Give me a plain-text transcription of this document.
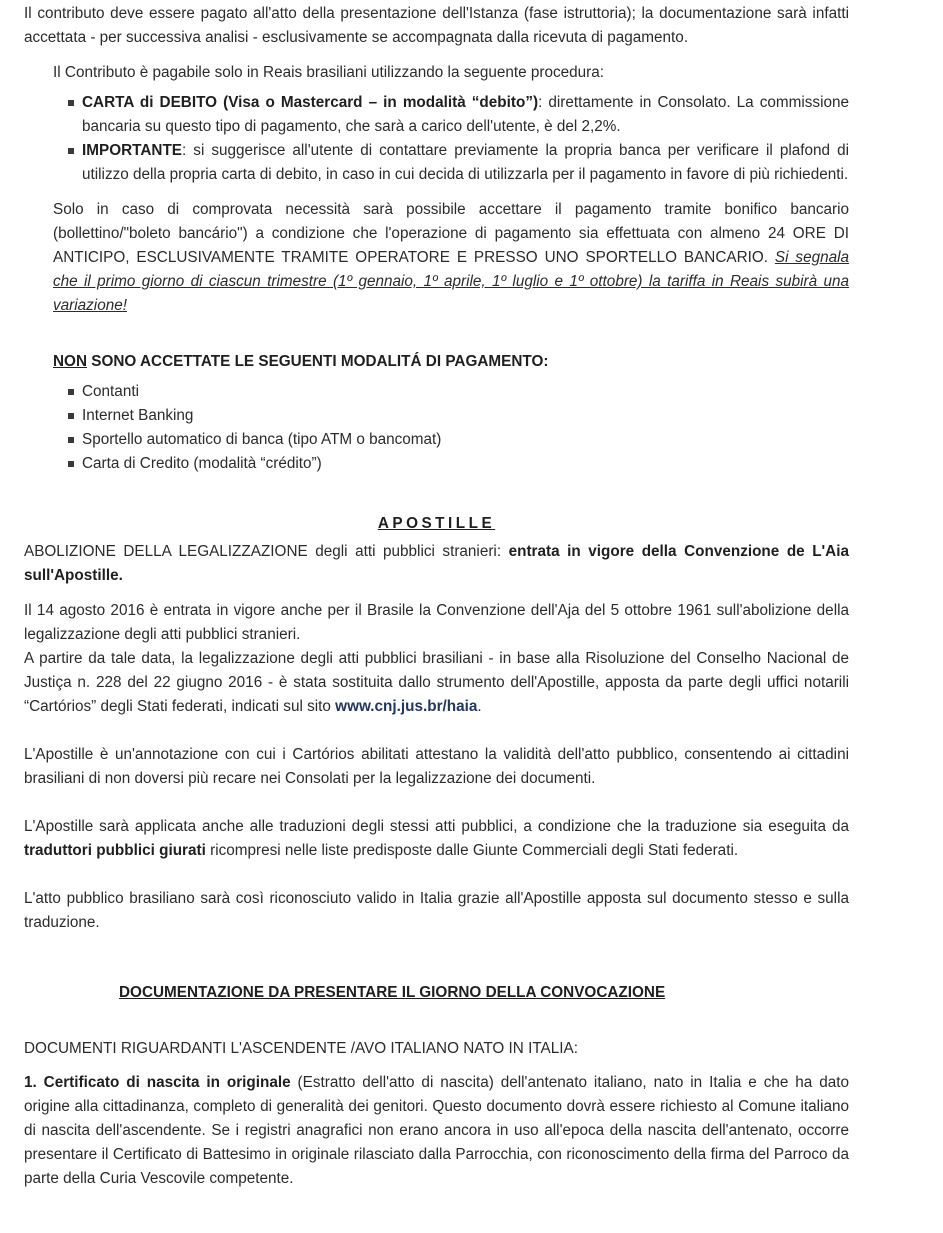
Il contributo deve essere pagato all'atto della presentazione dell'Istanza (fase istruttoria); la documentazione sarà infatti accettata - per successiva analisi - esclusivamente se accompagnata dalla ricevuta di pagamento.

Il Contributo è pagabile solo in Reais brasiliani utilizzando la seguente procedura:

CARTA di DEBITO (Visa o Mastercard – in modalità “debito”): direttamente in Consolato. La commissione bancaria su questo tipo di pagamento, che sarà a carico dell'utente, è del 2,2%.
IMPORTANTE: si suggerisce all'utente di contattare previamente la propria banca per verificare il plafond di utilizzo della propria carta di debito, in caso in cui decida di utilizzarla per il pagamento in favore di più richiedenti.

Solo in caso di comprovata necessità sarà possibile accettare il pagamento tramite bonifico bancario (bollettino/"boleto bancário") a condizione che l'operazione di pagamento sia effettuata con almeno 24 ORE DI ANTICIPO, ESCLUSIVAMENTE TRAMITE OPERATORE E PRESSO UNO SPORTELLO BANCARIO. Si segnala che il primo giorno di ciascun trimestre (1º gennaio, 1º aprile, 1º luglio e 1º ottobre) la tariffa in Reais subirà una variazione!

NON SONO ACCETTATE LE SEGUENTI MODALITÁ DI PAGAMENTO:

Contanti
Internet Banking
Sportello automatico di banca (tipo ATM o bancomat)
Carta di Credito (modalità “crédito”)

APOSTILLE

ABOLIZIONE DELLA LEGALIZZAZIONE degli atti pubblici stranieri: entrata in vigore della Convenzione de L'Aia sull'Apostille.

Il 14 agosto 2016 è entrata in vigore anche per il Brasile la Convenzione dell'Aja del 5 ottobre 1961 sull'abolizione della legalizzazione degli atti pubblici stranieri.

A partire da tale data, la legalizzazione degli atti pubblici brasiliani - in base alla Risoluzione del Conselho Nacional de Justiça n. 228 del 22 giugno 2016 - è stata sostituita dallo strumento dell'Apostille, apposta da parte degli uffici notarili “Cartórios” degli Stati federati, indicati sul sito www.cnj.jus.br/haia.

L'Apostille è un'annotazione con cui i Cartórios abilitati attestano la validità dell'atto pubblico, consentendo ai cittadini brasiliani di non doversi più recare nei Consolati per la legalizzazione dei documenti.

L'Apostille sarà applicata anche alle traduzioni degli stessi atti pubblici, a condizione che la traduzione sia eseguita da traduttori pubblici giurati ricompresi nelle liste predisposte dalle Giunte Commerciali degli Stati federati.

L'atto pubblico brasiliano sarà così riconosciuto valido in Italia grazie all'Apostille apposta sul documento stesso e sulla traduzione.

DOCUMENTAZIONE DA PRESENTARE IL GIORNO DELLA CONVOCAZIONE

DOCUMENTI RIGUARDANTI L'ASCENDENTE /AVO ITALIANO NATO IN ITALIA:

1. Certificato di nascita in originale (Estratto dell'atto di nascita) dell'antenato italiano, nato in Italia e che ha dato origine alla cittadinanza, completo di generalità dei genitori. Questo documento dovrà essere richiesto al Comune italiano di nascita dell'ascendente. Se i registri anagrafici non erano ancora in uso all'epoca della nascita dell'antenato, occorre presentare il Certificato di Battesimo in originale rilasciato dalla Parrocchia, con riconoscimento della firma del Parroco da parte della Curia Vescovile competente.
